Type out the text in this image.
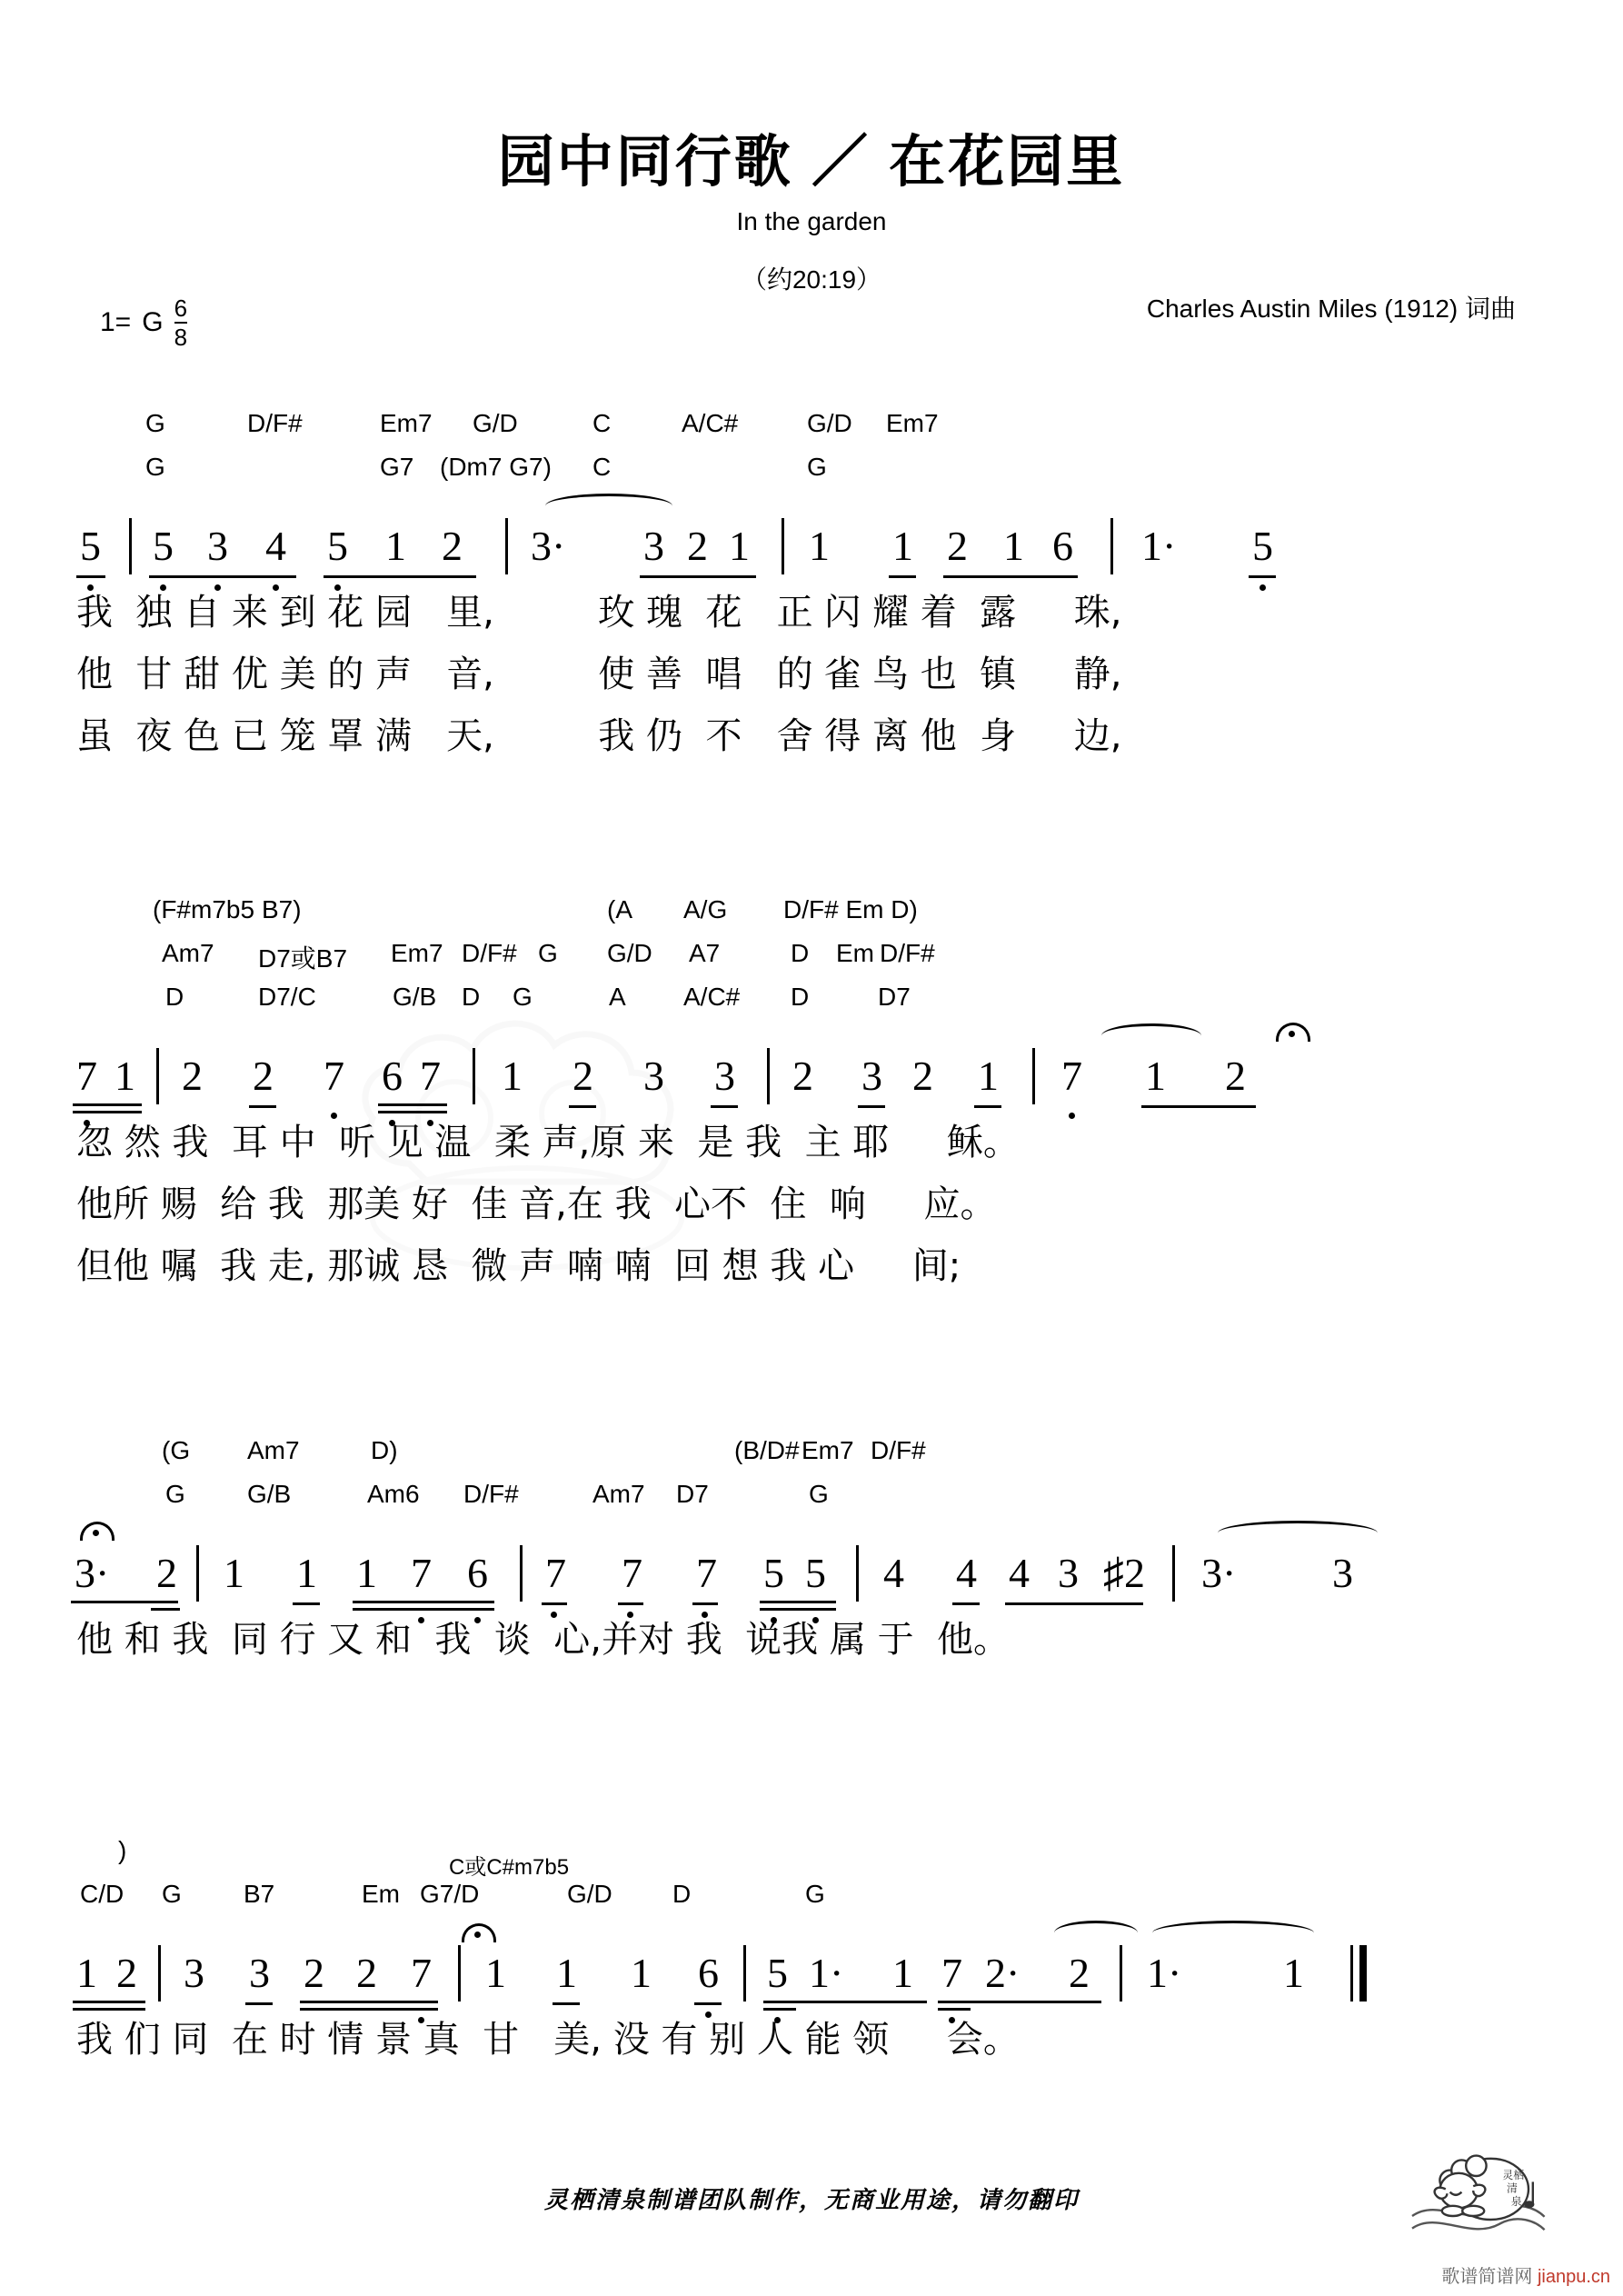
园中同行歌 ／ 在花园里
In the garden
（约20:19）
Charles Austin Miles (1912) 词曲
1= G $\frac{6}{8}$
G	D/F#	Em7 G/D	C	A/C#	G/D Em7
G	G7 (Dm7 G7) C	G
5 5 3 4 5 1 2 3· 3 2 1 1 1 2 1 6 1· 5
我  独 自 来 到 花 园   里,         玫 瑰  花   正 闪 耀 着  露     珠,
他  甘 甜 优 美 的 声   音,         使 善  唱   的 雀 鸟 也  镇     静,
虽  夜 色 已 笼 罩 满   天,         我 仍  不   舍 得 离 他  身     边,
(F#m7b5 B7)	(A A/G D/F# Em D)
Am7 D7或B7 Em7 D/F# G G/D A7	D Em D/F#
D	D7/C	G/B D G	A A/C# D	D7
7 1 2 2 7 6 7 1 2 3 3 2 3 2 1 7 1 2
忽 然 我  耳 中  听 见 温  柔 声,原 来  是 我  主 耶     稣。
他所 赐  给 我  那美 好  佳 音,在 我  心不  住  响     应。
但他 嘱  我 走, 那诚 恳  微 声 喃 喃  回 想 我 心     间;
(G Am7	D)	(B/D# Em7 D/F#
G G/B	Am6 D/F#	Am7 D7	G
3· 2 1 1 1 7 6 7 7 7 5 5 4 4 4 3 ♯2 3· 3
他 和 我  同 行 又 和  我  谈  心,并对 我  说我 属 于  他。
)
C或C#m7b5
C/D G B7	Em G7/D	G/D D	G
1 2 3 3 2 2 7 1 1 1 6 5 1· 1 7 2· 2 1· 1
我 们 同  在 时 情 景 真  甘   美, 没 有 别 人 能 领     会。
灵栖清泉制谱团队制作，无商业用途，请勿翻印
灵栖
清
泉
歌谱简谱网 jianpu.cn
